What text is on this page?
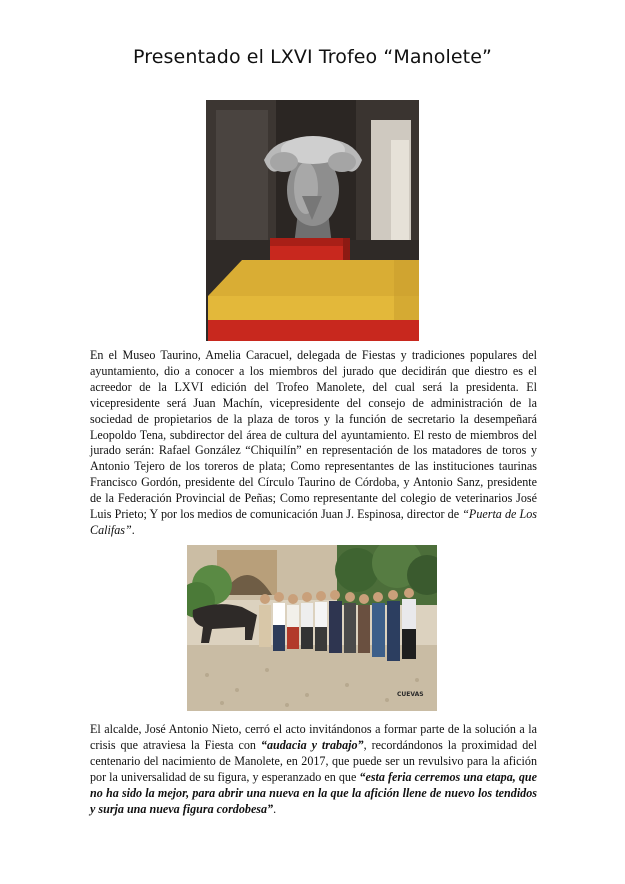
Presentado el LXVI Trofeo “Manolete”
En el Museo Taurino, Amelia Caracuel, delegada de Fiestas y tradiciones populares del ayuntamiento, dio a conocer a los miembros del jurado que decidirán que diestro es el acreedor de la LXVI edición del Trofeo Manolete, del cual será la presidenta. El vicepresidente será Juan Machín, vicepresidente del consejo de administración de la sociedad de propietarios de la plaza de toros y la función de secretario la desempeñará Leopoldo Tena, subdirector del área de cultura del ayuntamiento. El resto de miembros del jurado serán: Rafael González “Chiquilín” en representación de los matadores de toros y Antonio Tejero de los toreros de plata; Como representantes de las instituciones taurinas Francisco Gordón, presidente del Círculo Taurino de Córdoba, y Antonio Sanz, presidente de la Federación Provincial de Peñas; Como representante del colegio de veterinarios José Luis Prieto; Y por los medios de comunicación Juan J. Espinosa, director de “Puerta de Los Califas”.
CUEVAS
El alcalde, José Antonio Nieto, cerró el acto invitándonos a formar parte de la solución a la crisis que atraviesa la Fiesta con “audacia y trabajo”, recordándonos la proximidad del centenario del nacimiento de Manolete, en 2017, que puede ser un revulsivo para la afición por la universalidad de su figura, y esperanzado en que “esta feria cerremos una etapa, que no ha sido la mejor, para abrir una nueva en la que la afición llene de nuevo los tendidos y surja una nueva figura cordobesa”.
